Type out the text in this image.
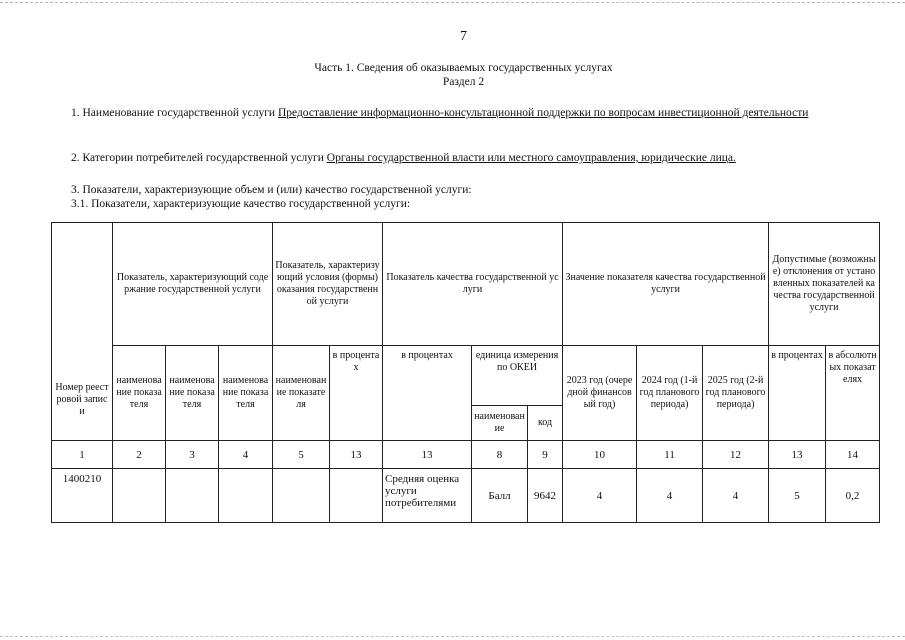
7
Часть 1. Сведения об оказываемых государственных услугах
Раздел 2
1. Наименование государственной услуги Предоставление информационно-консультационной поддержки по вопросам инвестиционной деятельности
2. Категории потребителей государственной услуги Органы государственной власти или местного самоуправления, юридические лица.
3. Показатели, характеризующие объем и (или) качество государственной услуги:
3.1. Показатели, характеризующие качество государственной услуги:
Номер реестровой записи	Показатель, характеризующий содержание государственной услуги			Показатель, характеризующий условия (формы) оказания государственной услуги		Показатель качества государственной услуги			Значение показателя качества государственной услуги			Допустимые (возможные) отклонения от установленных показателей качества государственной услуги	
	наименование показателя	наименование показателя	наименование показателя	наименование показателя	в процентах	в процентах	единица измерения по ОКЕИ		2023 год (очередной финансовый год)	2024 год (1-й год планового периода)	2025 год (2-й год планового периода)	в процентах	в абсолютных показателях
							наименование	код					
1	2	3	4	5	13	13	8	9	10	11	12	13	14
1400210						Средняя оценка услуги потребителями	Балл	9642	4	4	4	5	0,2
